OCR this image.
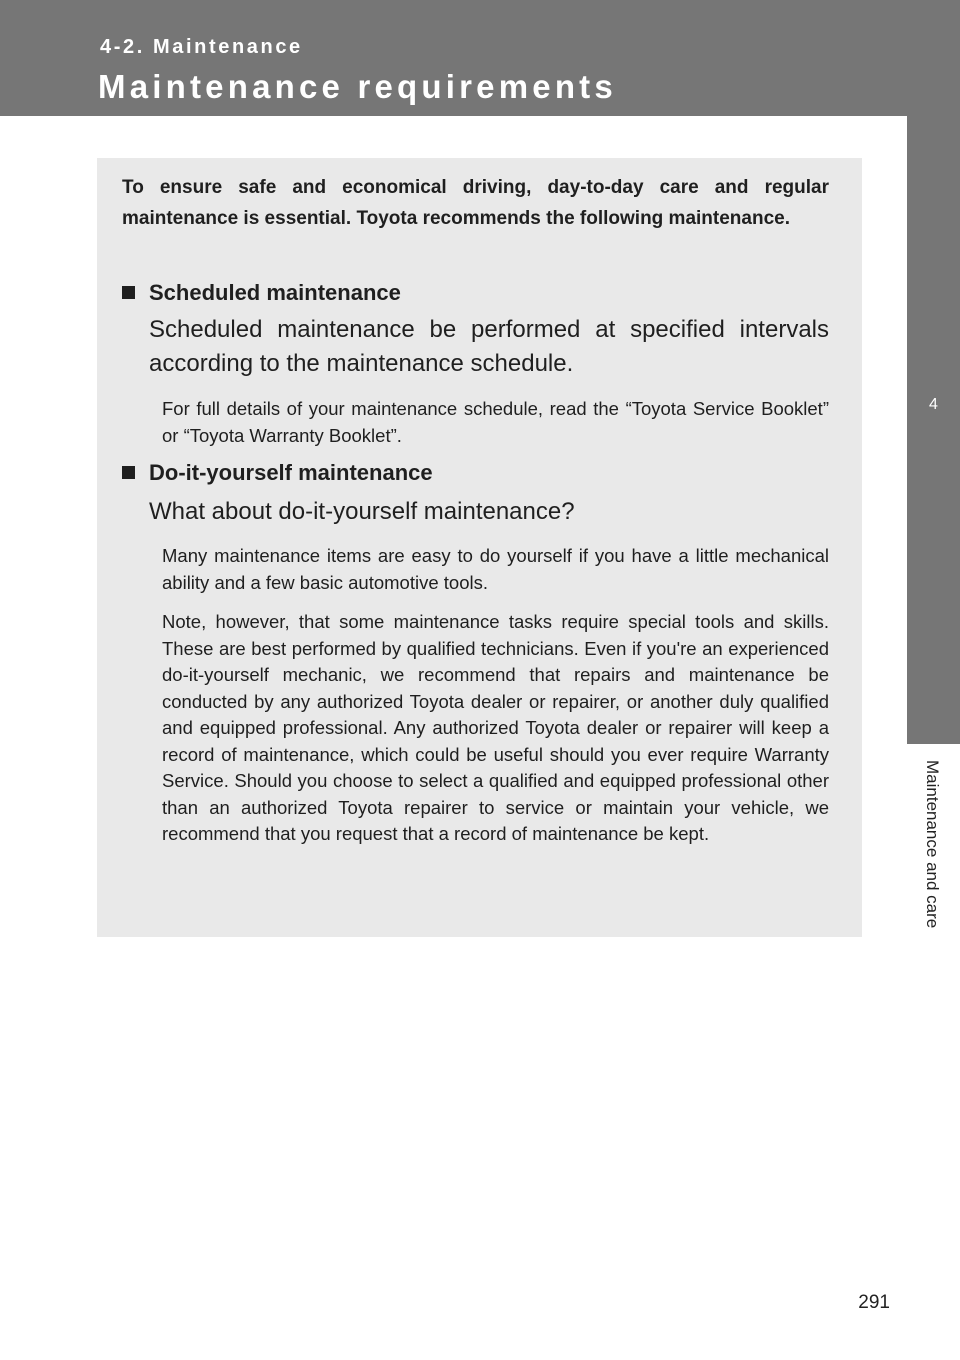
4-2. Maintenance
Maintenance requirements
4
Maintenance and care
To ensure safe and economical driving, day-to-day care and regular maintenance is essential. Toyota recommends the following maintenance.
Scheduled maintenance
Scheduled maintenance be performed at specified intervals according to the maintenance schedule.
For full details of your maintenance schedule, read the “Toyota Service Booklet” or “Toyota Warranty Booklet”.
Do-it-yourself maintenance
What about do-it-yourself maintenance?
Many maintenance items are easy to do yourself if you have a little mechanical ability and a few basic automotive tools.
Note, however, that some maintenance tasks require special tools and skills. These are best performed by qualified technicians. Even if you're an experienced do-it-yourself mechanic, we recommend that repairs and maintenance be conducted by any authorized Toyota dealer or repairer, or another duly qualified and equipped professional. Any authorized Toyota dealer or repairer will keep a record of maintenance, which could be useful should you ever require Warranty Service. Should you choose to select a qualified and equipped professional other than an authorized Toyota repairer to service or maintain your vehicle, we recommend that you request that a record of maintenance be kept.
291
